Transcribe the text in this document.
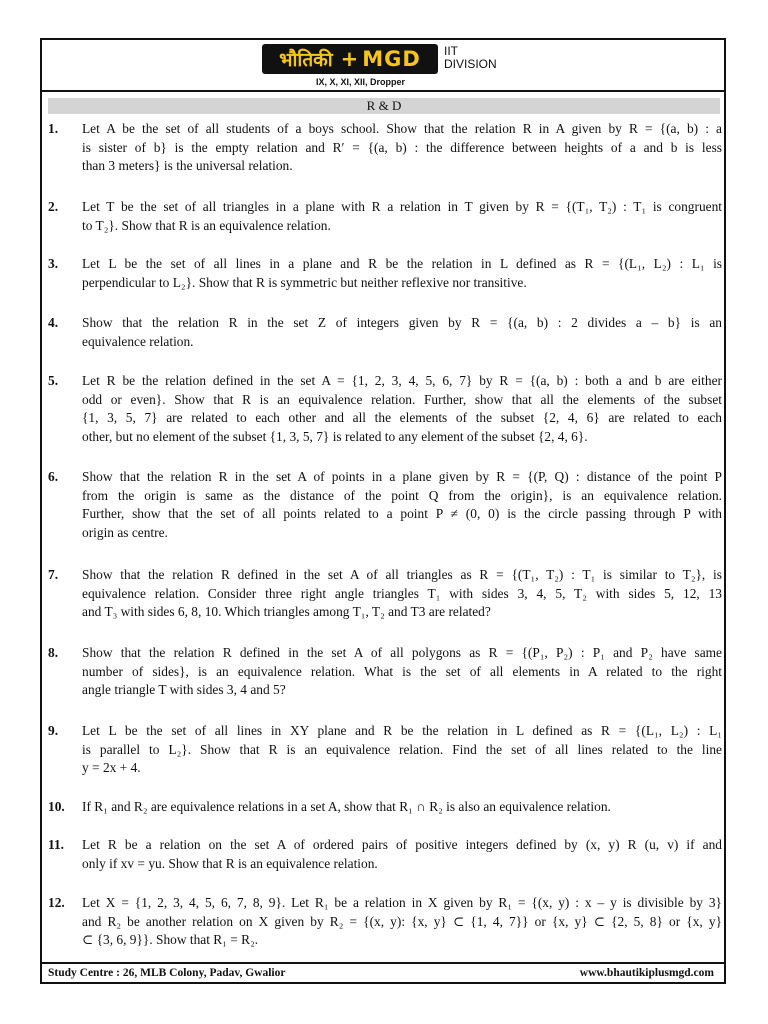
भौतिकी + MGD IIT
DIVISION
IX, X, XI, XII, Dropper
R & D
1. Let A be the set of all students of a boys school. Show that the relation R in A given by R = {(a, b) : a
is sister of b} is the empty relation and R′ = {(a, b) : the difference between heights of a and b is less
than 3 meters} is the universal relation.
2. Let T be the set of all triangles in a plane with R a relation in T given by R = {(T₁, T₂) : T₁ is congruent
to T₂}. Show that R is an equivalence relation.
3. Let L be the set of all lines in a plane and R be the relation in L defined as R = {(L₁, L₂) : L₁ is
perpendicular to L₂}. Show that R is symmetric but neither reflexive nor transitive.
4. Show that the relation R in the set Z of integers given by R = {(a, b) : 2 divides a – b} is an
equivalence relation.
5. Let R be the relation defined in the set A = {1, 2, 3, 4, 5, 6, 7} by R = {(a, b) : both a and b are either
odd or even}. Show that R is an equivalence relation. Further, show that all the elements of the subset
{1, 3, 5, 7} are related to each other and all the elements of the subset {2, 4, 6} are related to each
other, but no element of the subset {1, 3, 5, 7} is related to any element of the subset {2, 4, 6}.
6. Show that the relation R in the set A of points in a plane given by R = {(P, Q) : distance of the point P
from the origin is same as the distance of the point Q from the origin}, is an equivalence relation.
Further, show that the set of all points related to a point P ≠ (0, 0) is the circle passing through P with
origin as centre.
7. Show that the relation R defined in the set A of all triangles as R = {(T₁, T₂) : T₁ is similar to T₂}, is
equivalence relation. Consider three right angle triangles T₁ with sides 3, 4, 5, T₂ with sides 5, 12, 13
and T₃ with sides 6, 8, 10. Which triangles among T₁, T₂ and T3 are related?
8. Show that the relation R defined in the set A of all polygons as R = {(P₁, P₂) : P₁ and P₂ have same
number of sides}, is an equivalence relation. What is the set of all elements in A related to the right
angle triangle T with sides 3, 4 and 5?
9. Let L be the set of all lines in XY plane and R be the relation in L defined as R = {(L₁, L₂) : L₁
is parallel to L₂}. Show that R is an equivalence relation. Find the set of all lines related to the line
y = 2x + 4.
10. If R₁ and R₂ are equivalence relations in a set A, show that R₁ ∩ R₂ is also an equivalence relation.
11. Let R be a relation on the set A of ordered pairs of positive integers defined by (x, y) R (u, v) if and
only if xv = yu. Show that R is an equivalence relation.
12. Let X = {1, 2, 3, 4, 5, 6, 7, 8, 9}. Let R₁ be a relation in X given by R₁ = {(x, y) : x – y is divisible by 3}
and R₂ be another relation on X given by R₂ = {(x, y): {x, y} ⊂ {1, 4, 7}} or {x, y} ⊂ {2, 5, 8} or {x, y}
⊂ {3, 6, 9}}. Show that R₁ = R₂.
Study Centre : 26, MLB Colony, Padav, Gwalior	www.bhautikiplusmgd.com
